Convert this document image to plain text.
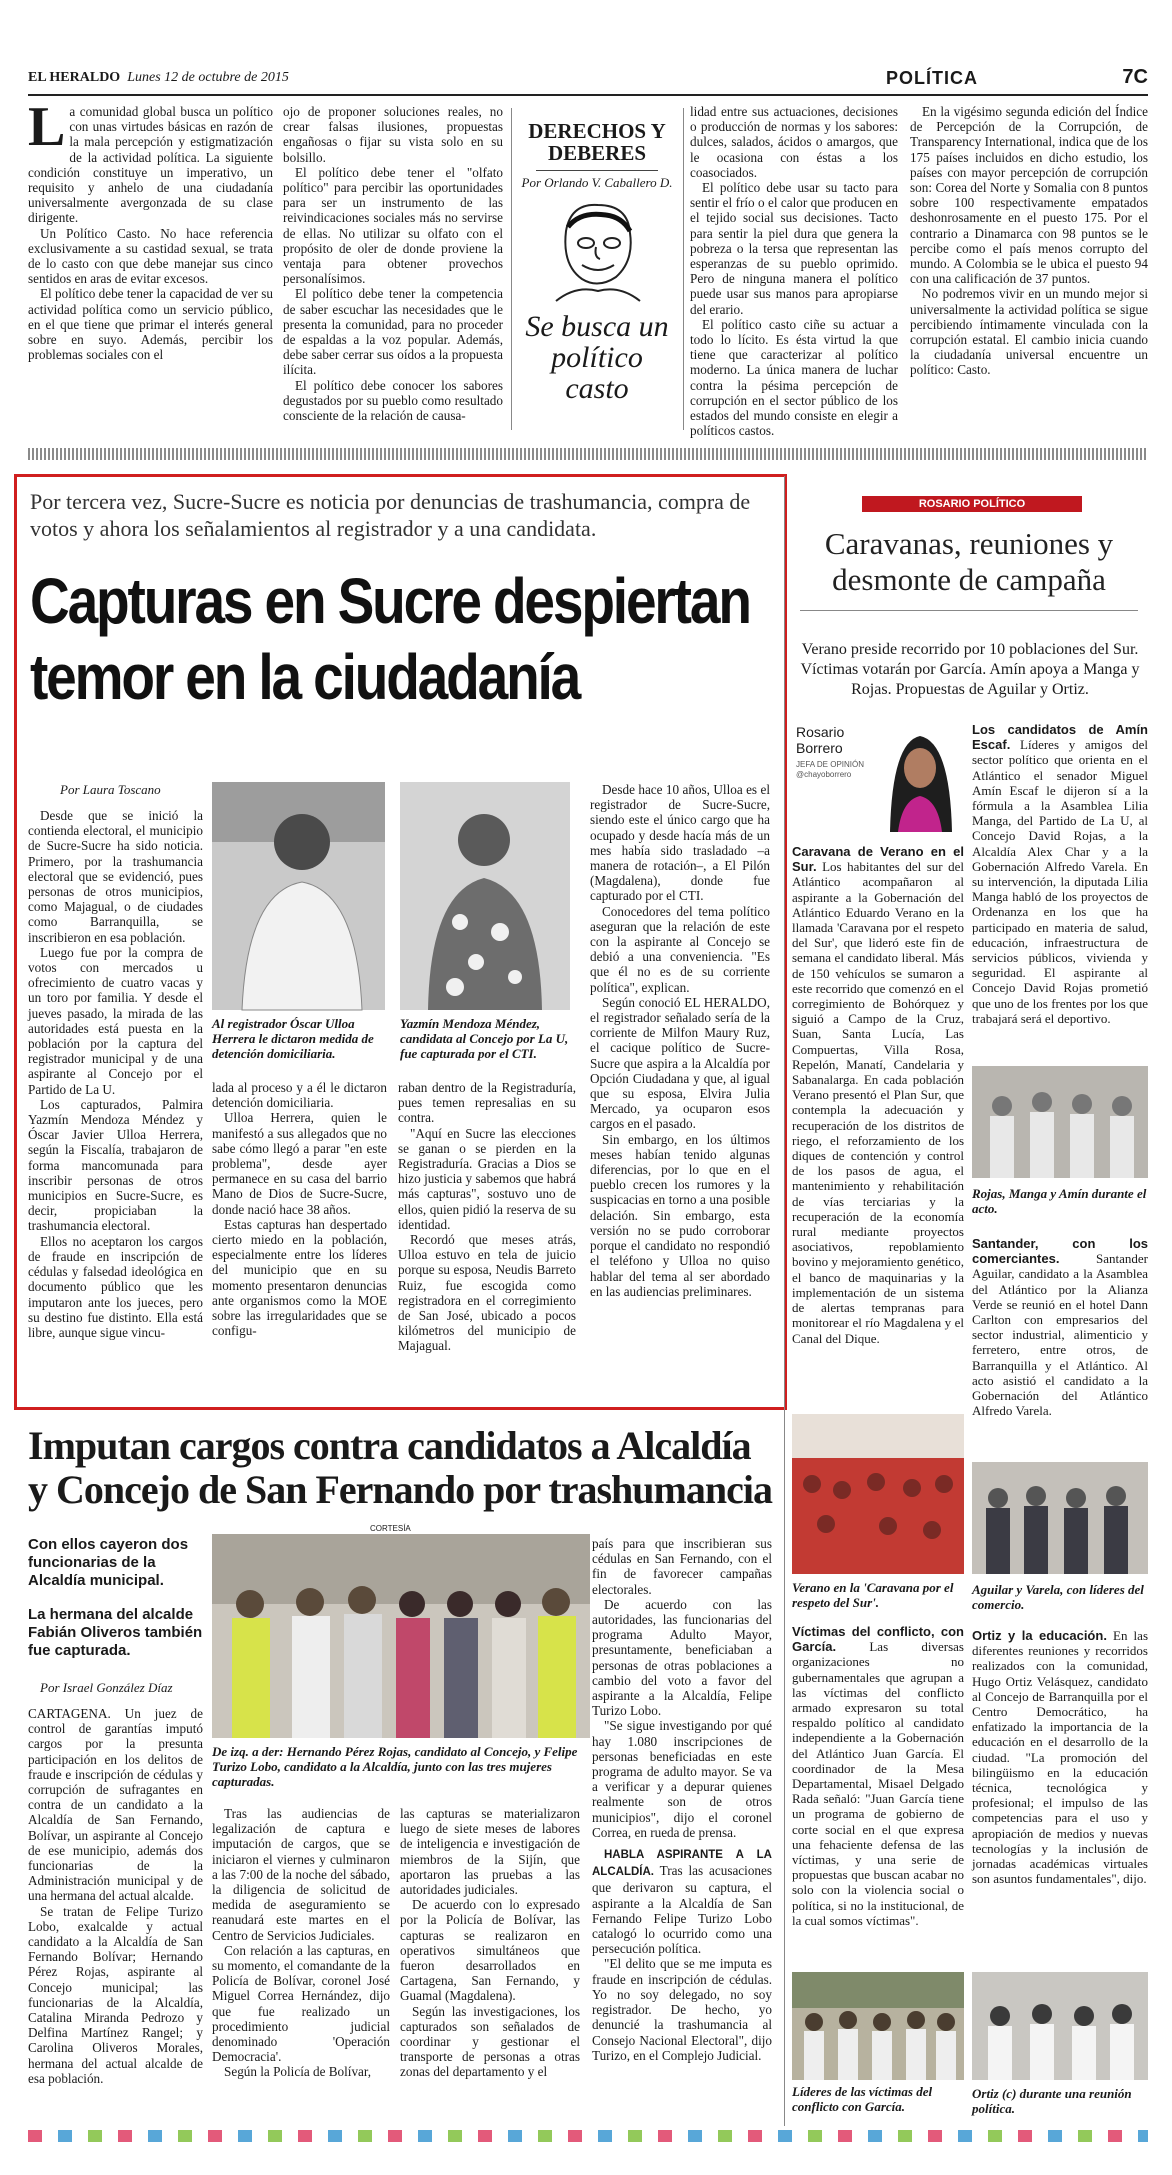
EL HERALDO Lunes 12 de octubre de 2015	POLÍTICA	7C
L a comunidad global busca un político con unas virtudes básicas en razón de la mala percepción y estigmatización de la actividad política. La siguiente condición constituye un imperativo, un requisito y anhelo de una ciudadanía universalmente avergonzada de su clase dirigente.

Un Político Casto. No hace referencia exclusivamente a su castidad sexual, se trata de lo casto con que debe manejar sus cinco sentidos en aras de evitar excesos.

El político debe tener la capacidad de ver su actividad política como un servicio público, en el que tiene que primar el interés general sobre en suyo. Además, percibir los problemas sociales con el

ojo de proponer soluciones reales, no crear falsas ilusiones, propuestas engañosas o fijar su vista solo en su bolsillo.

El político debe tener el "olfato político" para percibir las oportunidades para ser un instrumento de las reivindicaciones sociales más no servirse de ellas. No utilizar su olfato con el propósito de oler de donde proviene la ventaja para obtener provechos personalísimos.

El político debe tener la competencia de saber escuchar las necesidades que le presenta la comunidad, para no proceder de espaldas a la voz popular. Además, debe saber cerrar sus oídos a la propuesta ilícita.

El político debe conocer los sabores degustados por su pueblo como resultado consciente de la relación de causa-

DERECHOS Y DEBERES
Por Orlando V. Caballero D.
Se busca un político casto

lidad entre sus actuaciones, decisiones o producción de normas y los sabores: dulces, salados, ácidos o amargos, que le ocasiona con éstas a los coasociados.

El político debe usar su tacto para sentir el frío o el calor que producen en el tejido social sus decisiones. Tacto para sentir la piel dura que genera la pobreza o la tersa que representan las esperanzas de su pueblo oprimido. Pero de ninguna manera el político puede usar sus manos para apropiarse del erario.

El político casto ciñe su actuar a todo lo lícito. Es ésta virtud la que tiene que caracterizar al político moderno. La única manera de luchar contra la pésima percepción de corrupción en el sector público de los estados del mundo consiste en elegir a políticos castos.

En la vigésimo segunda edición del Índice de Percepción de la Corrupción, de Transparency International, indica que de los 175 países incluidos en dicho estudio, los países con mayor percepción de corrupción son: Corea del Norte y Somalia con 8 puntos sobre 100 respectivamente empatados deshonrosamente en el puesto 175. Por el contrario a Dinamarca con 98 puntos se le percibe como el país menos corrupto del mundo. A Colombia se le ubica el puesto 94 con una calificación de 37 puntos.

No podremos vivir en un mundo mejor si universalmente la actividad política se sigue percibiendo íntimamente vinculada con la corrupción estatal. El cambio inicia cuando la ciudadanía universal encuentre un político: Casto.

Por tercera vez, Sucre-Sucre es noticia por denuncias de trashumancia, compra de votos y ahora los señalamientos al registrador y a una candidata.
Capturas en Sucre despiertan
temor en la ciudadanía
Por Laura Toscano

Desde que se inició la contienda electoral, el municipio de Sucre-Sucre ha sido noticia. Primero, por la trashumancia electoral que se evidenció, pues personas de otros municipios, como Majagual, o de ciudades como Barranquilla, se inscribieron en esa población.

Luego fue por la compra de votos con mercados u ofrecimiento de cuatro vacas y un toro por familia. Y desde el jueves pasado, la mirada de las autoridades está puesta en la población por la captura del registrador municipal y de una aspirante al Concejo por el Partido de La U.

Los capturados, Palmira Yazmín Mendoza Méndez y Óscar Javier Ulloa Herrera, según la Fiscalía, trabajaron de forma mancomunada para inscribir personas de otros municipios en Sucre-Sucre, es decir, propiciaban la trashumancia electoral.

Ellos no aceptaron los cargos de fraude en inscripción de cédulas y falsedad ideológica en documento público que les imputaron ante los jueces, pero su destino fue distinto. Ella está libre, aunque sigue vincu-

Al registrador Óscar Ulloa Herrera le dictaron medida de detención domiciliaria.
Yazmín Mendoza Méndez, candidata al Concejo por La U, fue capturada por el CTI.

lada al proceso y a él le dictaron detención domiciliaria.

Ulloa Herrera, quien le manifestó a sus allegados que no sabe cómo llegó a parar "en este problema", desde ayer permanece en su casa del barrio Mano de Dios de Sucre-Sucre, donde nació hace 38 años.

Estas capturas han despertado cierto miedo en la población, especialmente entre los líderes del municipio que en su momento presentaron denuncias ante organismos como la MOE sobre las irregularidades que se configu-

raban dentro de la Registraduría, pues temen represalias en su contra.

"Aquí en Sucre las elecciones se ganan o se pierden en la Registraduría. Gracias a Dios se hizo justicia y sabemos que habrá más capturas", sostuvo uno de ellos, quien pidió la reserva de su identidad.

Recordó que meses atrás, Ulloa estuvo en tela de juicio porque su esposa, Neudis Barreto Ruiz, fue escogida como registradora en el corregimiento de San José, ubicado a pocos kilómetros del municipio de Majagual.

Desde hace 10 años, Ulloa es el registrador de Sucre-Sucre, siendo este el único cargo que ha ocupado y desde hacía más de un mes había sido trasladado –a manera de rotación–, a El Pilón (Magdalena), donde fue capturado por el CTI.

Conocedores del tema político aseguran que la relación de este con la aspirante al Concejo se debió a una conveniencia. "Es que él no es de su corriente política", explican.

Según conoció EL HERALDO, el registrador señalado sería de la corriente de Milfon Maury Ruz, el cacique político de Sucre-Sucre que aspira a la Alcaldía por Opción Ciudadana y que, al igual que su esposa, Elvira Julia Mercado, ya ocuparon esos cargos en el pasado.

Sin embargo, en los últimos meses habían tenido algunas diferencias, por lo que en el pueblo crecen los rumores y la suspicacias en torno a una posible delación. Sin embargo, esta versión no se pudo corroborar porque el candidato no respondió el teléfono y Ulloa no quiso hablar del tema al ser abordado en las audiencias preliminares.

Imputan cargos contra candidatos a Alcaldía
y Concejo de San Fernando por trashumancia
Con ellos cayeron dos funcionarias de la Alcaldía municipal.
La hermana del alcalde Fabián Oliveros también fue capturada.
Por Israel González Díaz

CARTAGENA. Un juez de control de garantías imputó cargos por la presunta participación en los delitos de fraude e inscripción de cédulas y corrupción de sufragantes en contra de un candidato a la Alcaldía de San Fernando, Bolívar, un aspirante al Concejo de ese municipio, además dos funcionarias de la Administración municipal y de una hermana del actual alcalde.

Se tratan de Felipe Turizo Lobo, exalcalde y actual candidato a la Alcaldía de San Fernando Bolívar; Hernando Pérez Rojas, aspirante al Concejo municipal; las funcionarias de la Alcaldía, Catalina Miranda Pedrozo y Delfina Martínez Rangel; y Carolina Oliveros Morales, hermana del actual alcalde de esa población.

CORTESÍA
De izq. a der: Hernando Pérez Rojas, candidato al Concejo, y Felipe Turizo Lobo, candidato a la Alcaldía, junto con las tres mujeres capturadas.

Tras las audiencias de legalización de captura e imputación de cargos, que se iniciaron el viernes y culminaron a las 7:00 de la noche del sábado, la diligencia de solicitud de medida de aseguramiento se reanudará este martes en el Centro de Servicios Judiciales.

Con relación a las capturas, en su momento, el comandante de la Policía de Bolívar, coronel José Miguel Correa Hernández, dijo que fue realizado un procedimiento judicial denominado 'Operación Democracia'.

Según la Policía de Bolívar,

las capturas se materializaron luego de siete meses de labores de inteligencia e investigación de miembros de la Sijín, que aportaron las pruebas a las autoridades judiciales.

De acuerdo con lo expresado por la Policía de Bolívar, las capturas se realizaron en operativos simultáneos que fueron desarrollados en Cartagena, San Fernando, y Guamal (Magdalena).

Según las investigaciones, los capturados son señalados de coordinar y gestionar el transporte de personas a otras zonas del departamento y el

país para que inscribieran sus cédulas en San Fernando, con el fin de favorecer campañas electorales.

De acuerdo con las autoridades, las funcionarias del programa Adulto Mayor, presuntamente, beneficiaban a personas de otras poblaciones a cambio del voto a favor del aspirante a la Alcaldía, Felipe Turizo Lobo.

"Se sigue investigando por qué hay 1.080 inscripciones de personas beneficiadas en este programa de adulto mayor. Se va a verificar y a depurar quienes realmente son de otros municipios", dijo el coronel Correa, en rueda de prensa.

HABLA ASPIRANTE A LA ALCALDÍA. Tras las acusaciones que derivaron su captura, el aspirante a la Alcaldía de San Fernando Felipe Turizo Lobo catalogó lo ocurrido como una persecución política.

"El delito que se me imputa es fraude en inscripción de cédulas. Yo no soy delegado, no soy registrador. De hecho, yo denuncié la trashumancia al Consejo Nacional Electoral", dijo Turizo, en el Complejo Judicial.

ROSARIO POLÍTICO
Caravanas, reuniones y desmonte de campaña
Verano preside recorrido por 10 poblaciones del Sur. Víctimas votarán por García. Amín apoya a Manga y Rojas. Propuestas de Aguilar y Ortiz.
Rosario
Borrero
JEFA DE OPINIÓN
@chayoborrero

Caravana de Verano en el Sur. Los habitantes del sur del Atlántico acompañaron al aspirante a la Gobernación del Atlántico Eduardo Verano en la llamada 'Caravana por el respeto del Sur', que lideró este fin de semana el candidato liberal. Más de 150 vehículos se sumaron a este recorrido que comenzó en el corregimiento de Bohórquez y siguió a Campo de la Cruz, Suan, Santa Lucía, Las Compuertas, Villa Rosa, Repelón, Manatí, Candelaria y Sabanalarga. En cada población Verano presentó el Plan Sur, que contempla la adecuación y recuperación de los distritos de riego, el reforzamiento de los diques de contención y control de los pasos de agua, el mantenimiento y rehabilitación de vías terciarias y la recuperación de la economía rural mediante proyectos asociativos, repoblamiento bovino y mejoramiento genético, el banco de maquinarias y la implementación de un sistema de alertas tempranas para monitorear el río Magdalena y el Canal del Dique.

Los candidatos de Amín Escaf. Líderes y amigos del sector político que orienta en el Atlántico el senador Miguel Amín Escaf le dijeron sí a la fórmula a la Asamblea Lilia Manga, del Partido de La U, al Concejo David Rojas, a la Alcaldía Alex Char y a la Gobernación Alfredo Varela. En su intervención, la diputada Lilia Manga habló de los proyectos de Ordenanza en los que ha participado en materia de salud, educación, infraestructura de servicios públicos, vivienda y seguridad. El aspirante al Concejo David Rojas prometió que uno de los frentes por los que trabajará será el deportivo.

Rojas, Manga y Amín durante el acto.

Santander, con los comerciantes.	Santander Aguilar, candidato a la Asamblea del Atlántico por la Alianza Verde se reunió en el hotel Dann Carlton con empresarios del sector industrial, alimenticio y ferretero, entre otros, de Barranquilla y el Atlántico. Al acto asistió el candidato a la Gobernación del Atlántico Alfredo Varela.

Verano en la 'Caravana por el respeto del Sur'.
Aguilar y Varela, con líderes del comercio.

Víctimas del conflicto, con García.	Las diversas organizaciones no gubernamentales que agrupan a las víctimas del conflicto armado expresaron su total respaldo político al candidato independiente a la Gobernación del Atlántico Juan García. El coordinador de la Mesa Departamental, Misael Delgado Rada señaló: "Juan García tiene un programa de gobierno de corte social en el que expresa una fehaciente defensa de las víctimas, y una serie de propuestas que buscan acabar no solo con la violencia social o política, si no la institucional, de la cual somos víctimas".

Ortiz y la educación. En las diferentes reuniones y recorridos realizados con la comunidad, Hugo Ortiz Velásquez, candidato al Concejo de Barranquilla por el Centro Democrático, ha enfatizado la importancia de la educación en el desarrollo de la ciudad. "La promoción del bilingüismo en la educación técnica, tecnológica y profesional; el impulso de las competencias para el uso y apropiación de medios y nuevas tecnologías y la inclusión de jornadas académicas virtuales son asuntos fundamentales", dijo.

Líderes de las víctimas del conflicto con García.
Ortiz (c) durante una reunión política.
